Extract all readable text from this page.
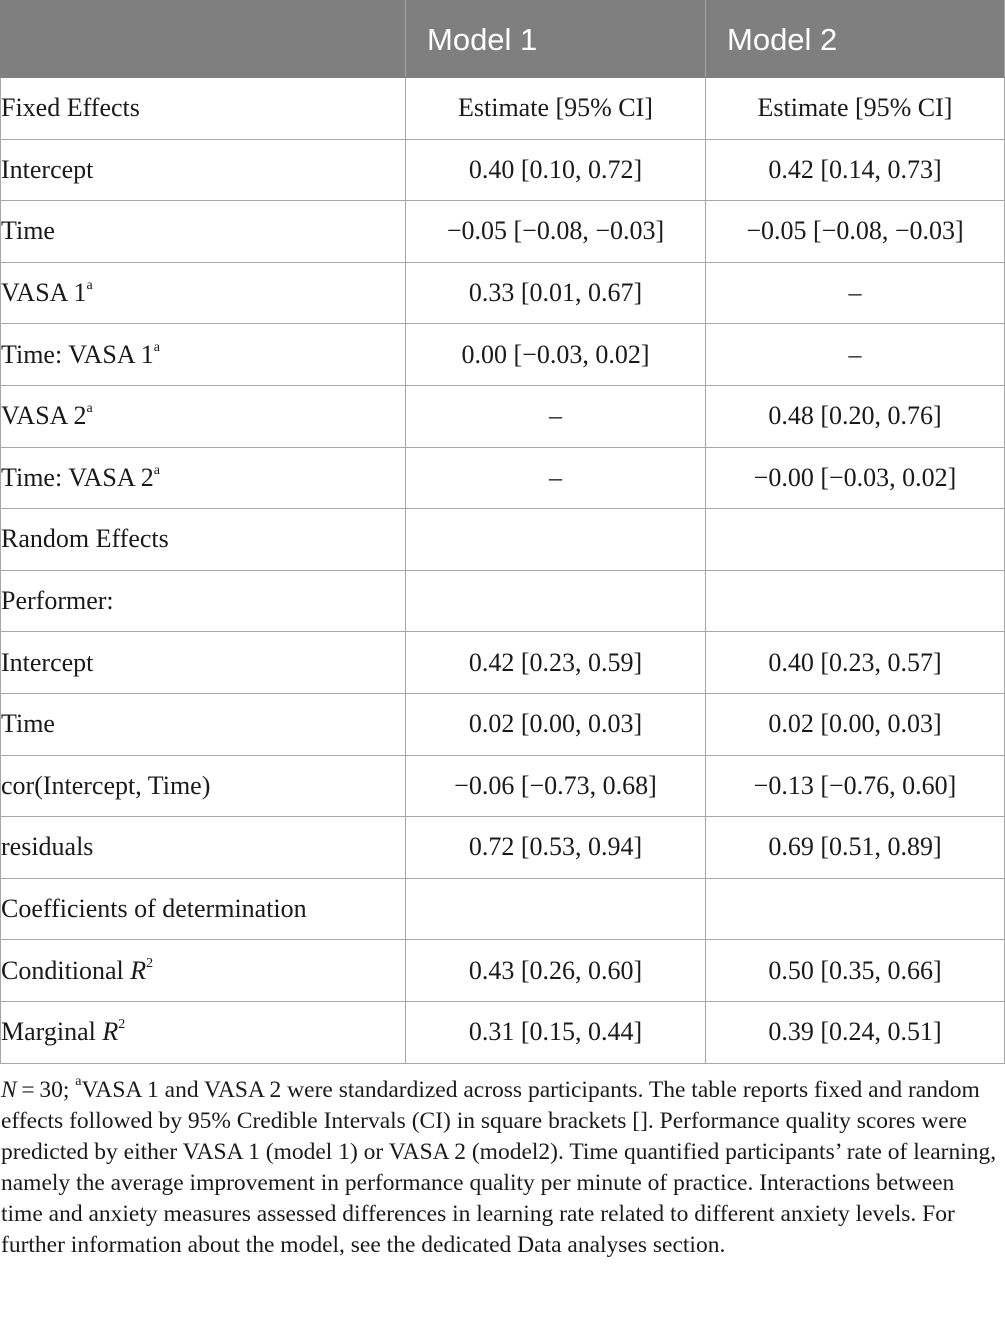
	Model 1	Model 2
Fixed Effects	Estimate [95% CI]	Estimate [95% CI]
Intercept	0.40 [0.10, 0.72]	0.42 [0.14, 0.73]
Time	−0.05 [−0.08, −0.03]	−0.05 [−0.08, −0.03]
VASA 1$^a$	0.33 [0.01, 0.67]	–
Time: VASA 1$^a$	0.00 [−0.03, 0.02]	–
VASA 2$^a$	–	0.48 [0.20, 0.76]
Time: VASA 2$^a$	–	−0.00 [−0.03, 0.02]
Random Effects		
Performer:		
Intercept	0.42 [0.23, 0.59]	0.40 [0.23, 0.57]
Time	0.02 [0.00, 0.03]	0.02 [0.00, 0.03]
cor(Intercept, Time)	−0.06 [−0.73, 0.68]	−0.13 [−0.76, 0.60]
residuals	0.72 [0.53, 0.94]	0.69 [0.51, 0.89]
Coefficients of determination		
Conditional R$^2$	0.43 [0.26, 0.60]	0.50 [0.35, 0.66]
Marginal R$^2$	0.31 [0.15, 0.44]	0.39 [0.24, 0.51]
N = 30; $^a$VASA 1 and VASA 2 were standardized across participants. The table reports fixed and random effects followed by 95% Credible Intervals (CI) in square brackets []. Performance quality scores were predicted by either VASA 1 (model 1) or VASA 2 (model2). Time quantified participants’ rate of learning, namely the average improvement in performance quality per minute of practice. Interactions between time and anxiety measures assessed differences in learning rate related to different anxiety levels. For further information about the model, see the dedicated Data analyses section.
